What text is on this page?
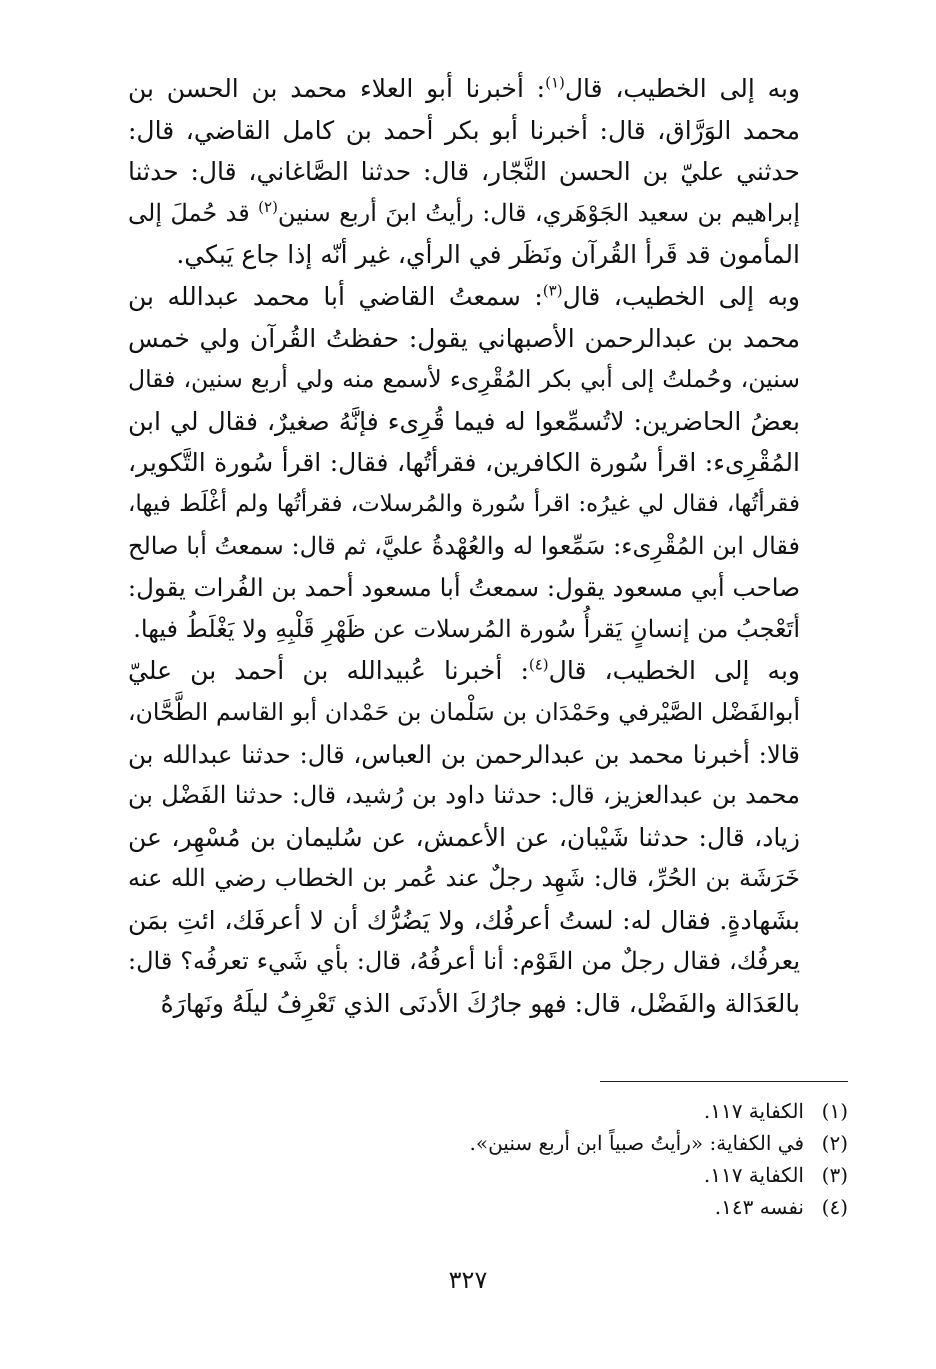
وبه إلى الخطيب، قال$^{(١)}$: أخبرنا أبو العلاء محمد بن الحسن بن
محمد الوَرَّاق، قال: أخبرنا أبو بكر أحمد بن كامل القاضي، قال:
حدثني عليّ بن الحسن النَّجّار، قال: حدثنا الصَّاغاني، قال: حدثنا
إبراهيم بن سعيد الجَوْهَري، قال: رأيتُ ابنَ أربع سنين$^{(٢)}$ قد حُملَ إلى
المأمون قد قَرأ القُرآن ونَظَر في الرأي، غير أنّه إذا جاع يَبكي.

وبه إلى الخطيب، قال$^{(٣)}$: سمعتُ القاضي أبا محمد عبدالله بن
محمد بن عبدالرحمن الأصبهاني يقول: حفظتُ القُرآن ولي خمس
سنين، وحُملتُ إلى أبي بكر المُقْرِىء لأسمع منه ولي أربع سنين، فقال
بعضُ الحاضرين: لاتُسمِّعوا له فيما قُرِىء فإنَّهُ صغيرٌ، فقال لي ابن
المُقْرِىء: اقرأ سُورة الكافرين، فقرأتُها، فقال: اقرأ سُورة التَّكوير،
فقرأتُها، فقال لي غيرُه: اقرأ سُورة والمُرسلات، فقرأتُها ولم أغْلَط فيها،
فقال ابن المُقْرِىء: سَمِّعوا له والعُهْدةُ عليَّ، ثم قال: سمعتُ أبا صالح
صاحب أبي مسعود يقول: سمعتُ أبا مسعود أحمد بن الفُرات يقول:
أتَعْجبُ من إنسانٍ يَقرأُ سُورة المُرسلات عن ظَهْرِ قَلْبِهِ ولا يَغْلَطُ فيها.

وبه إلى الخطيب، قال$^{(٤)}$: أخبرنا عُبيدالله بن أحمد بن عليّ
أبوالفَضْل الصَّيْرفي وحَمْدَان بن سَلْمان بن حَمْدان أبو القاسم الطَّحَّان،
قالا: أخبرنا محمد بن عبدالرحمن بن العباس، قال: حدثنا عبدالله بن
محمد بن عبدالعزيز، قال: حدثنا داود بن رُشيد، قال: حدثنا الفَضْل بن
زياد، قال: حدثنا شَيْبان، عن الأعمش، عن سُليمان بن مُسْهِر، عن
خَرَشَة بن الحُرِّ، قال: شَهِد رجلٌ عند عُمر بن الخطاب رضي الله عنه
بشَهادةٍ. فقال له: لستُ أعرفُك، ولا يَضُرُّك أن لا أعرفَك، ائتِ بمَن
يعرفُك، فقال رجلٌ من القَوْم: أنا أعرفُهُ، قال: بأي شَيء تعرفُه؟ قال:
بالعَدَالة والفَضْل، قال: فهو جارُكَ الأدنَى الذي تَعْرِفُ ليلَهُ ونَهارَهُ

(١)الكفاية ١١٧.
(٢)في الكفاية: «رأيتُ صبياً ابن أربع سنين».
(٣)الكفاية ١١٧.
(٤)نفسه ١٤٣.
٣٢٧
